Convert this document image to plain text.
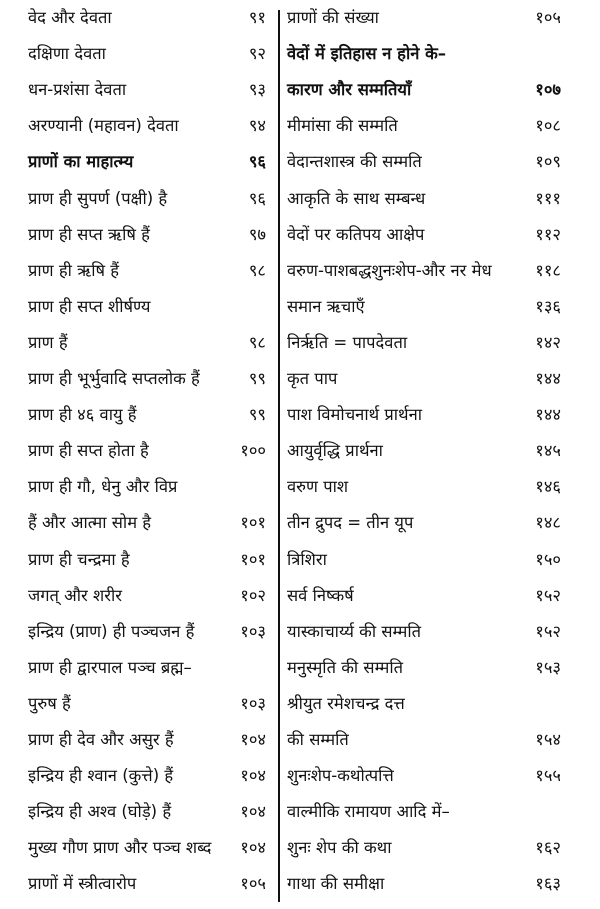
वेद और देवता	९१
दक्षिणा देवता	९२
धन-प्रशंसा देवता	९३
अरण्यानी (महावन) देवता	९४
प्राणों का माहात्म्य	९६
प्राण ही सुपर्ण (पक्षी) है	९६
प्राण ही सप्त ऋषि हैं	९७
प्राण ही ऋषि हैं	९८
प्राण ही सप्त शीर्षण्य
प्राण हैं	९८
प्राण ही भूर्भुवादि सप्तलोक हैं	९९
प्राण ही ४६ वायु हैं	९९
प्राण ही सप्त होता है	१००
प्राण ही गौ, धेनु और विप्र
हैं और आत्मा सोम है	१०१
प्राण ही चन्द्रमा है	१०१
जगत् और शरीर	१०२
इन्द्रिय (प्राण) ही पञ्चजन हैं	१०३
प्राण ही द्वारपाल पञ्च ब्रह्म–
पुरुष हैं	१०३
प्राण ही देव और असुर हैं	१०४
इन्द्रिय ही श्वान (कुत्ते) हैं	१०४
इन्द्रिय ही अश्व (घोड़े) हैं	१०४
मुख्य गौण प्राण और पञ्च शब्द १०४
प्राणों में स्त्रीत्वारोप	१०५
प्राणों की संख्या	१०५
वेदों में इतिहास न होने के–
कारण और सम्मतियाँ	१०७
मीमांसा की सम्मति	१०८
वेदान्तशास्त्र की सम्मति	१०९
आकृति के साथ सम्बन्ध	१११
वेदों पर कतिपय आक्षेप	११२
वरुण-पाशबद्धशुनःशेप-और नर मेध	११८
समान ऋचाएँ	१३६
निर्ऋति = पापदेवता	१४२
कृत पाप	१४४
पाश विमोचनार्थ प्रार्थना	१४४
आयुर्वृद्धि प्रार्थना	१४५
वरुण पाश	१४६
तीन द्रुपद = तीन यूप	१४८
त्रिशिरा	१५०
सर्व निष्कर्ष	१५२
यास्काचार्य्य की सम्मति	१५२
मनुस्मृति की सम्मति	१५३
श्रीयुत रमेशचन्द्र दत्त
की सम्मति	१५४
शुनःशेप-कथोत्पत्ति	१५५
वाल्मीकि रामायण आदि में–
शुनः शेप की कथा	१६२
गाथा की समीक्षा	१६३
